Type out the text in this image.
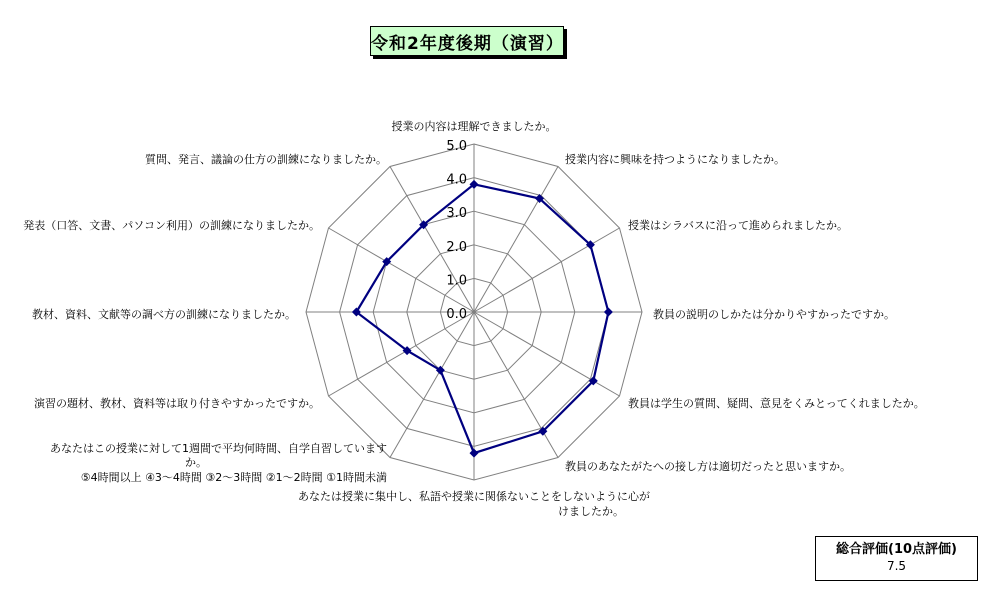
令和2年度後期（演習）
0.0
1.0
2.0
3.0
4.0
5.0
授業の内容は理解できましたか。
授業内容に興味を持つようになりましたか。
授業はシラバスに沿って進められましたか。
教員の説明のしかたは分かりやすかったですか。
教員は学生の質問、疑問、意見をくみとってくれましたか。
教員のあなたがたへの接し方は適切だったと思いますか。
あなたは授業に集中し、私語や授業に関係ないことをしないように心がけましたか。
あなたはこの授業に対して1週間で平均何時間、自学自習していますか。 ⑤4時間以上 ④3～4時間 ③2～3時間 ②1～2時間 ①1時間未満
演習の題材、教材、資料等は取り付きやすかったですか。
教材、資料、文献等の調べ方の訓練になりましたか。
発表（口答、文書、パソコン利用）の訓練になりましたか。
質問、発言、議論の仕方の訓練になりましたか。
総合評価(10点評価)
7.5
